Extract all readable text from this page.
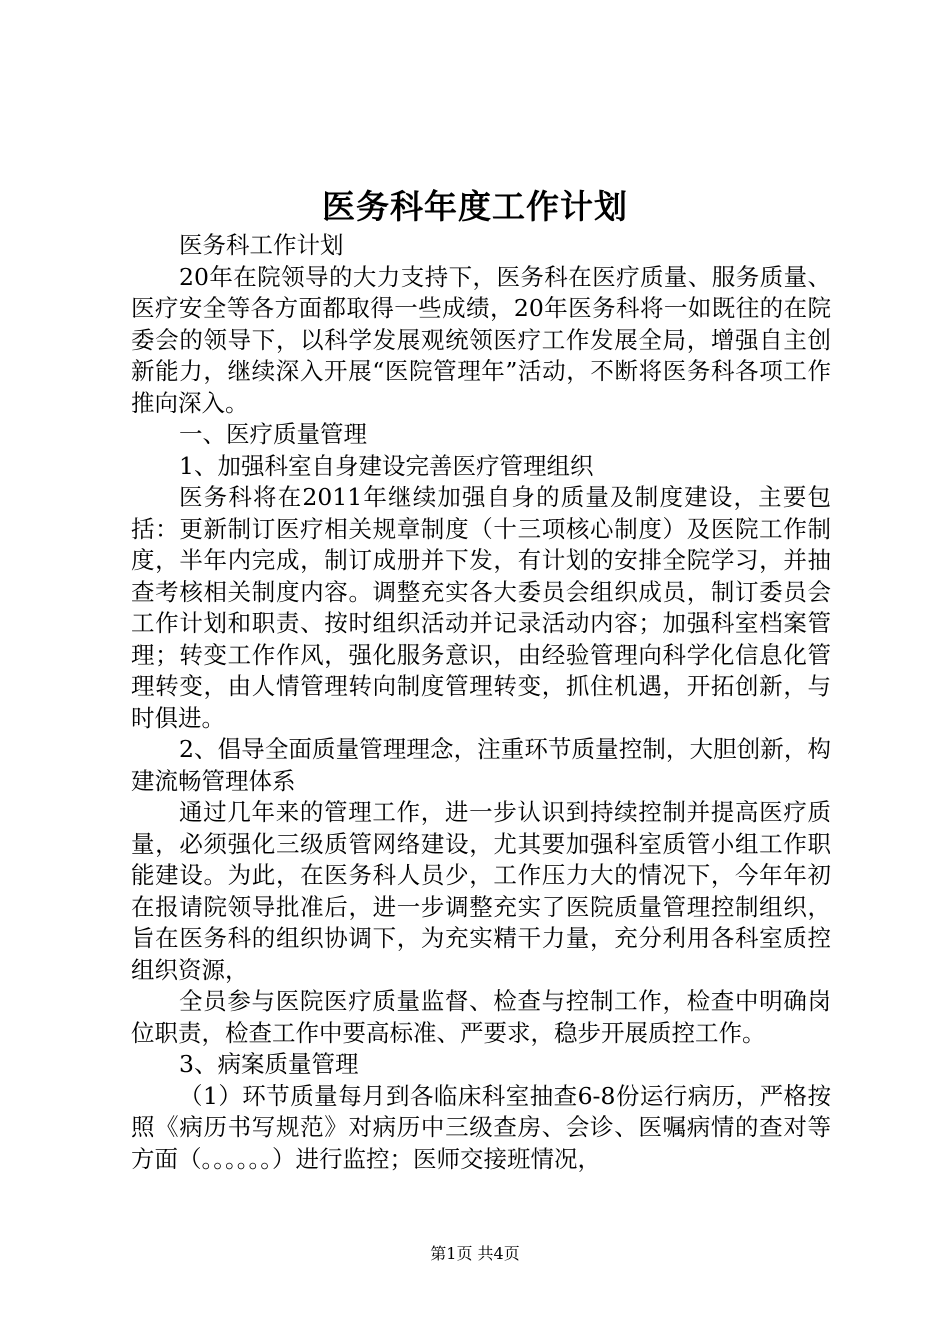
医务科年度工作计划

医务科工作计划

20年在院领导的大力支持下，医务科在医疗质量、服务质量、医疗安全等各方面都取得一些成绩，20年医务科将一如既往的在院委会的领导下，以科学发展观统领医疗工作发展全局，增强自主创新能力，继续深入开展“医院管理年”活动，不断将医务科各项工作推向深入。

一、医疗质量管理

1、加强科室自身建设完善医疗管理组织

医务科将在2011年继续加强自身的质量及制度建设，主要包括：更新制订医疗相关规章制度（十三项核心制度）及医院工作制度，半年内完成，制订成册并下发，有计划的安排全院学习，并抽查考核相关制度内容。调整充实各大委员会组织成员，制订委员会工作计划和职责、按时组织活动并记录活动内容；加强科室档案管理；转变工作作风，强化服务意识，由经验管理向科学化信息化管理转变，由人情管理转向制度管理转变，抓住机遇，开拓创新，与时俱进。

2、倡导全面质量管理理念，注重环节质量控制，大胆创新，构建流畅管理体系

通过几年来的管理工作，进一步认识到持续控制并提高医疗质量，必须强化三级质管网络建设，尤其要加强科室质管小组工作职能建设。为此，在医务科人员少，工作压力大的情况下，今年年初在报请院领导批准后，进一步调整充实了医院质量管理控制组织，旨在医务科的组织协调下，为充实精干力量，充分利用各科室质控组织资源，

全员参与医院医疗质量监督、检查与控制工作，检查中明确岗位职责，检查工作中要高标准、严要求，稳步开展质控工作。

3、病案质量管理

（1）环节质量每月到各临床科室抽查6-8份运行病历，严格按照《病历书写规范》对病历中三级查房、会诊、医嘱病情的查对等方面（。。。。。。）进行监控；医师交接班情况，

第1页 共4页
